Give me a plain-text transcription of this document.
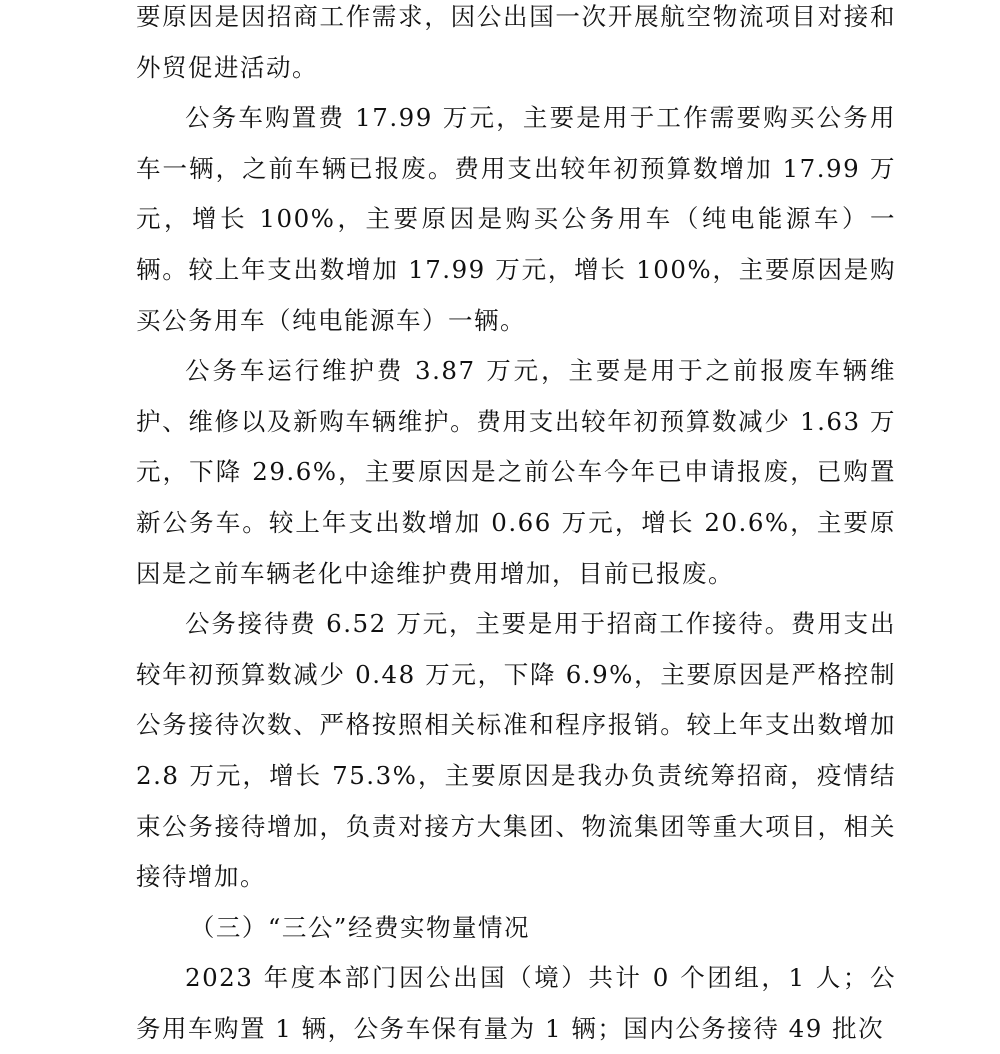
要原因是因招商工作需求，因公出国一次开展航空物流项目对接和外贸促进活动。

公务车购置费 17.99 万元，主要是用于工作需要购买公务用车一辆，之前车辆已报废。费用支出较年初预算数增加 17.99 万元，增长 100%，主要原因是购买公务用车（纯电能源车）一辆。较上年支出数增加 17.99 万元，增长 100%，主要原因是购买公务用车（纯电能源车）一辆。

公务车运行维护费 3.87 万元，主要是用于之前报废车辆维护、维修以及新购车辆维护。费用支出较年初预算数减少 1.63 万元，下降 29.6%，主要原因是之前公车今年已申请报废，已购置新公务车。较上年支出数增加 0.66 万元，增长 20.6%，主要原因是之前车辆老化中途维护费用增加，目前已报废。

公务接待费 6.52 万元，主要是用于招商工作接待。费用支出较年初预算数减少 0.48 万元，下降 6.9%，主要原因是严格控制公务接待次数、严格按照相关标准和程序报销。较上年支出数增加 2.8 万元，增长 75.3%，主要原因是我办负责统筹招商，疫情结束公务接待增加，负责对接方大集团、物流集团等重大项目，相关接待增加。

（三）“三公”经费实物量情况

2023 年度本部门因公出国（境）共计 0 个团组，1 人；公务用车购置 1 辆，公务车保有量为 1 辆；国内公务接待 49 批次
